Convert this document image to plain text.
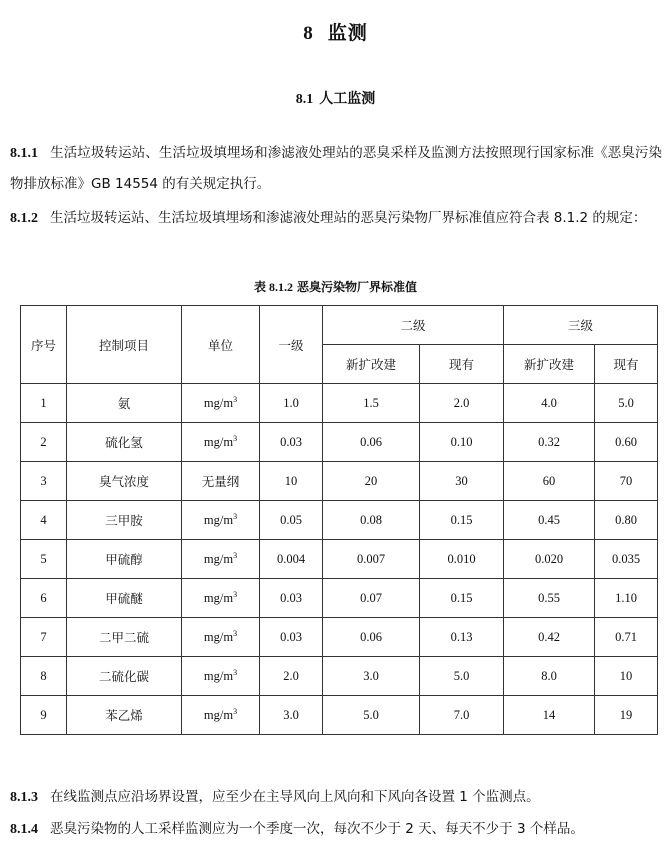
8 监测
8.1 人工监测
8.1.1 生活垃圾转运站、生活垃圾填埋场和渗滤液处理站的恶臭采样及监测方法按照现行国家标准《恶臭污染物排放标准》GB 14554 的有关规定执行。
8.1.2 生活垃圾转运站、生活垃圾填埋场和渗滤液处理站的恶臭污染物厂界标准值应符合表 8.1.2 的规定：
表 8.1.2 恶臭污染物厂界标准值
序号	控制项目	单位	一级	二级		三级	
				新扩改建	现有	新扩改建	现有
1	氨	$mg/m^3$	1.0	1.5	2.0	4.0	5.0
2	硫化氢	$mg/m^3$	0.03	0.06	0.10	0.32	0.60
3	臭气浓度	无量纲	10	20	30	60	70
4	三甲胺	$mg/m^3$	0.05	0.08	0.15	0.45	0.80
5	甲硫醇	$mg/m^3$	0.004	0.007	0.010	0.020	0.035
6	甲硫醚	$mg/m^3$	0.03	0.07	0.15	0.55	1.10
7	二甲二硫	$mg/m^3$	0.03	0.06	0.13	0.42	0.71
8	二硫化碳	$mg/m^3$	2.0	3.0	5.0	8.0	10
9	苯乙烯	$mg/m^3$	3.0	5.0	7.0	14	19
8.1.3 在线监测点应沿场界设置，应至少在主导风向上风向和下风向各设置 1 个监测点。
8.1.4 恶臭污染物的人工采样监测应为一个季度一次，每次不少于 2 天、每天不少于 3 个样品。
